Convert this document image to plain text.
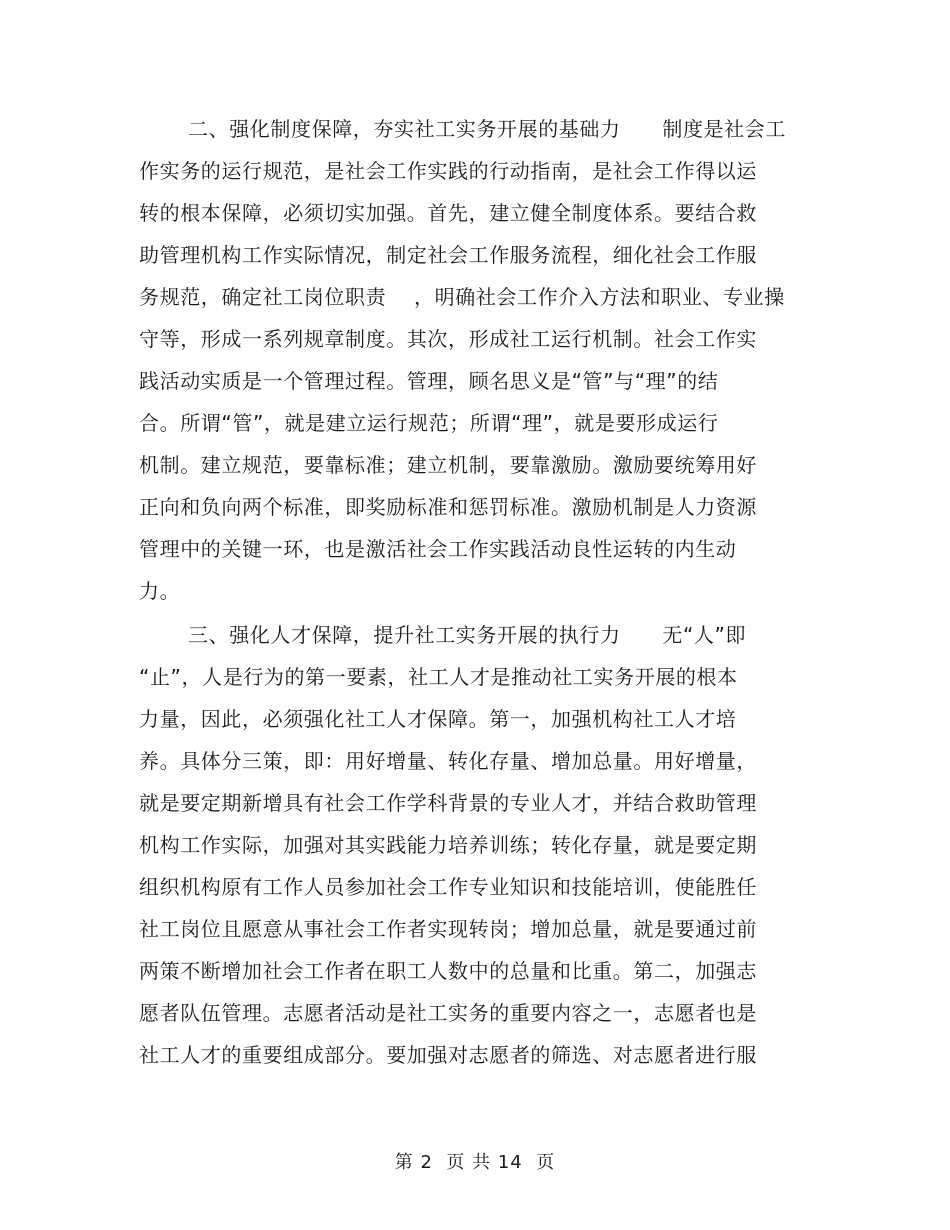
二、强化制度保障，夯实社工实务开展的基础力      制度是社会工
作实务的运行规范，是社会工作实践的行动指南，是社会工作得以运
转的根本保障，必须切实加强。首先，建立健全制度体系。要结合救
助管理机构工作实际情况，制定社会工作服务流程，细化社会工作服
务规范，确定社工岗位职责    ，明确社会工作介入方法和职业、专业操
守等，形成一系列规章制度。其次，形成社工运行机制。社会工作实
践活动实质是一个管理过程。管理，顾名思义是“管”与“理”的结
合。所谓“管”，就是建立运行规范；所谓“理”，就是要形成运行
机制。建立规范，要靠标准；建立机制，要靠激励。激励要统筹用好
正向和负向两个标准，即奖励标准和惩罚标准。激励机制是人力资源
管理中的关键一环，也是激活社会工作实践活动良性运转的内生动
力。
三、强化人才保障，提升社工实务开展的执行力      无“人”即
“止”，人是行为的第一要素，社工人才是推动社工实务开展的根本
力量，因此，必须强化社工人才保障。第一，加强机构社工人才培
养。具体分三策，即：用好增量、转化存量、增加总量。用好增量，
就是要定期新增具有社会工作学科背景的专业人才，并结合救助管理
机构工作实际，加强对其实践能力培养训练；转化存量，就是要定期
组织机构原有工作人员参加社会工作专业知识和技能培训，使能胜任
社工岗位且愿意从事社会工作者实现转岗；增加总量，就是要通过前
两策不断增加社会工作者在职工人数中的总量和比重。第二，加强志
愿者队伍管理。志愿者活动是社工实务的重要内容之一，志愿者也是
社工人才的重要组成部分。要加强对志愿者的筛选、对志愿者进行服
第 2  页 共 14  页
